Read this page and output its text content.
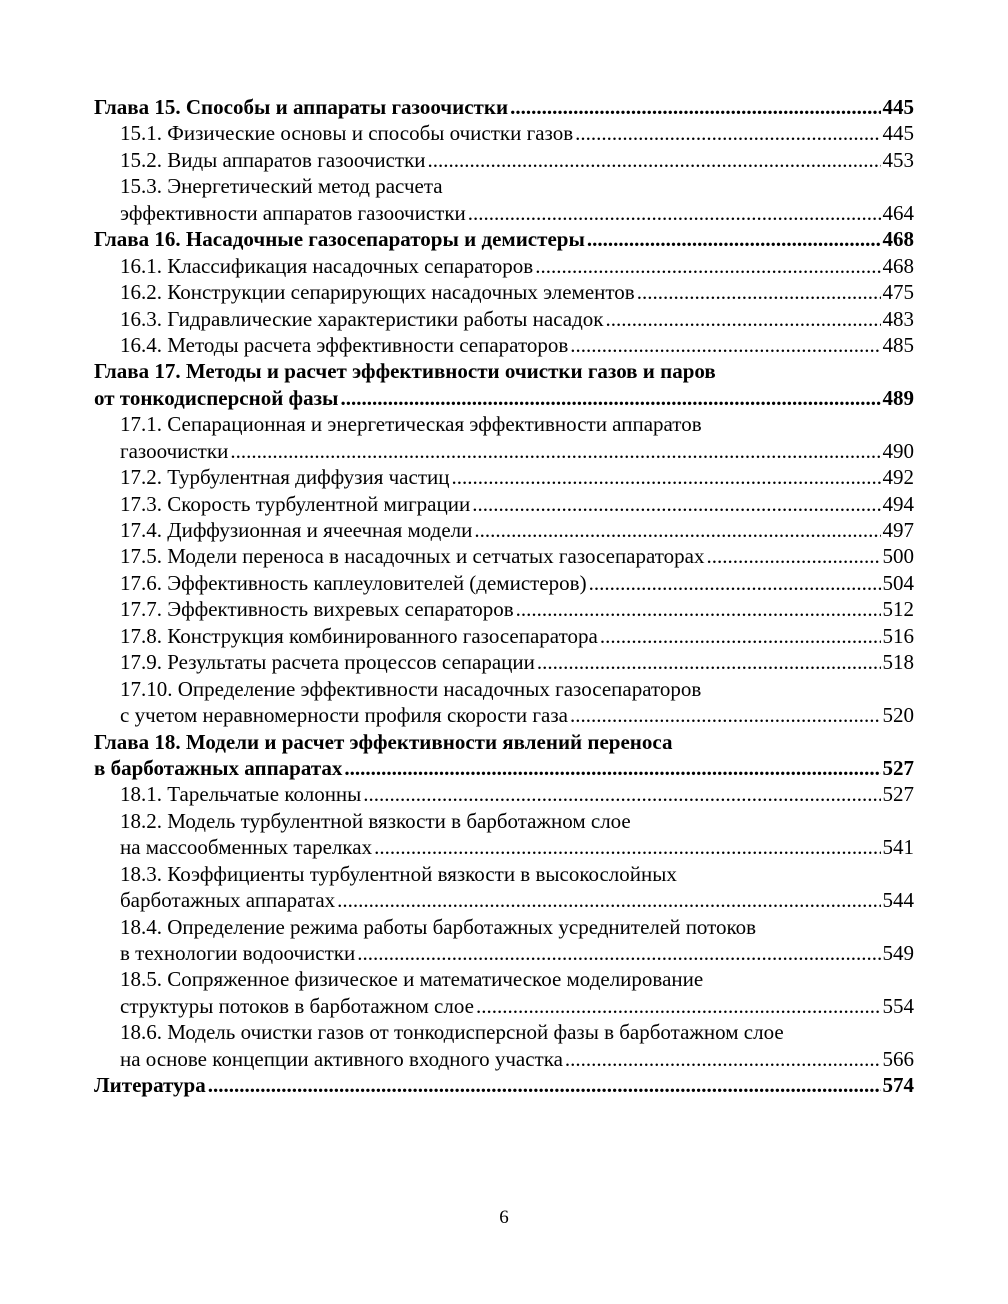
Глава 15. Способы и аппараты газоочистки .....	445
15.1. Физические основы и способы очистки газов .....	445
15.2. Виды аппаратов газоочистки .....	453
15.3. Энергетический метод расчета
эффективности аппаратов газоочистки .....	464
Глава 16. Насадочные газосепараторы и демистеры .....	468
16.1. Классификация насадочных сепараторов .....	468
16.2. Конструкции сепарирующих насадочных элементов .....	475
16.3. Гидравлические характеристики работы насадок .....	483
16.4. Методы расчета эффективности сепараторов .....	485
Глава 17. Методы и расчет эффективности очистки газов и паров
от тонкодисперсной фазы .....	489
17.1. Сепарационная и энергетическая эффективности аппаратов
газоочистки .....	490
17.2. Турбулентная диффузия частиц .....	492
17.3. Скорость турбулентной миграции .....	494
17.4. Диффузионная и ячеечная модели .....	497
17.5. Модели переноса в насадочных и сетчатых газосепараторах .....	500
17.6. Эффективность каплеуловителей (демистеров) .....	504
17.7. Эффективность вихревых сепараторов .....	512
17.8. Конструкция комбинированного газосепаратора .....	516
17.9. Результаты расчета процессов сепарации .....	518
17.10. Определение эффективности насадочных газосепараторов
с учетом неравномерности профиля скорости газа .....	520
Глава 18. Модели и расчет эффективности явлений переноса
в барботажных аппаратах .....	527
18.1. Тарельчатые колонны .....	527
18.2. Модель турбулентной вязкости в барботажном слое
на массообменных тарелках .....	541
18.3. Коэффициенты турбулентной вязкости в высокослойных
барботажных аппаратах .....	544
18.4. Определение режима работы барботажных усреднителей потоков
в технологии водоочистки .....	549
18.5. Сопряженное физическое и математическое моделирование
структуры потоков в барботажном слое .....	554
18.6. Модель очистки газов от тонкодисперсной фазы в барботажном слое
на основе концепции активного входного участка .....	566
Литература .....	574
6
